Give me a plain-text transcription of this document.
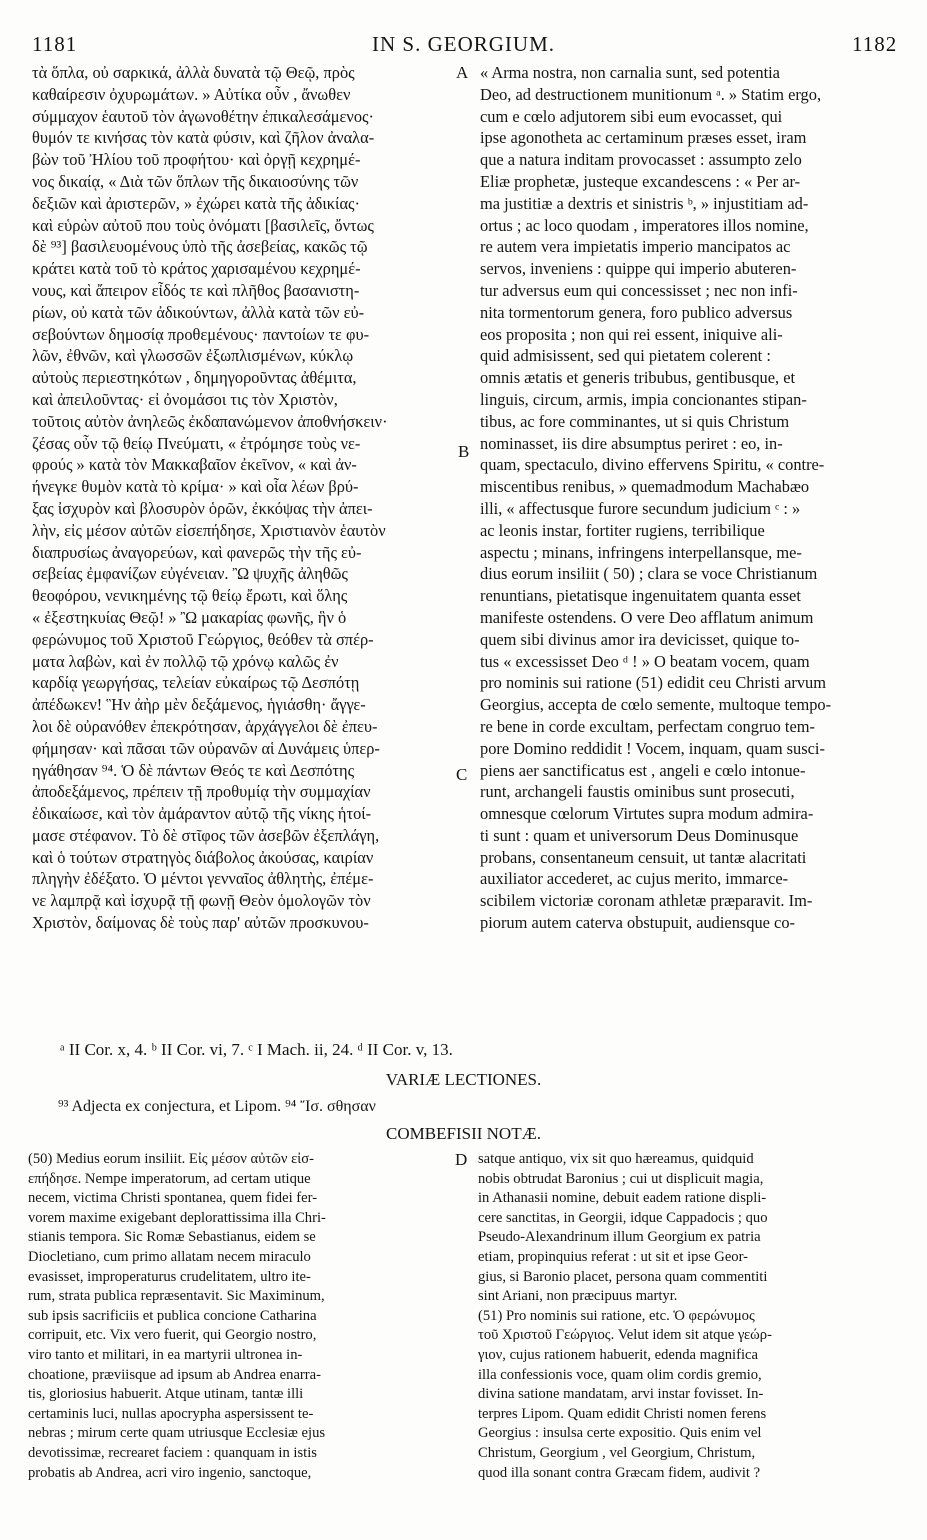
1181	IN S. GEORGIUM.	1182
τὰ ὅπλα, οὐ σαρκικά, ἀλλὰ δυνατὰ τῷ Θεῷ, πρὸς
καθαίρεσιν ὀχυρωμάτων. » Αὐτίκα οὖν , ἄνωθεν
σύμμαχον ἑαυτοῦ τὸν ἀγωνοθέτην ἐπικαλεσάμενος·
θυμόν τε κινήσας τὸν κατὰ φύσιν, καὶ ζῆλον ἀναλα-
βὼν τοῦ Ἠλίου τοῦ προφήτου· καὶ ὀργῇ κεχρημέ-
νος δικαίᾳ, « Διὰ τῶν ὅπλων τῆς δικαιοσύνης τῶν
δεξιῶν καὶ ἀριστερῶν, » ἐχώρει κατὰ τῆς ἀδικίας·
καὶ εὑρὼν αὐτοῦ που τοὺς ὀνόματι [βασιλεῖς, ὄντως
δὲ ⁹³] βασιλευομένους ὑπὸ τῆς ἀσεβείας, κακῶς τῷ
κράτει κατὰ τοῦ τὸ κράτος χαρισαμένου κεχρημέ-
νους, καὶ ἄπειρον εἶδός τε καὶ πλῆθος βασανιστη-
ρίων, οὐ κατὰ τῶν ἀδικούντων, ἀλλὰ κατὰ τῶν εὐ-
σεβούντων δημοσίᾳ προθεμένους· παντοίων τε φυ-
λῶν, ἐθνῶν, καὶ γλωσσῶν ἐξωπλισμένων, κύκλῳ
αὐτοὺς περιεστηκότων , δημηγοροῦντας ἀθέμιτα,
καὶ ἀπειλοῦντας· εἰ ὀνομάσοι τις τὸν Χριστὸν,
τοῦτοις αὐτὸν ἀνηλεῶς ἐκδαπανώμενον ἀποθνήσκειν·
ζέσας οὖν τῷ θείῳ Πνεύματι, « ἐτρόμησε τοὺς νε-
φρούς » κατὰ τὸν Μακκαβαῖον ἐκεῖνον, « καὶ ἀν-
ήνεγκε θυμὸν κατὰ τὸ κρίμα· » καὶ οἷα λέων βρύ-
ξας ἰσχυρὸν καὶ βλοσυρὸν ὁρῶν, ἐκκόψας τὴν ἀπει-
λὴν, εἰς μέσον αὐτῶν εἰσεπήδησε, Χριστιανὸν ἑαυτὸν
διαπρυσίως ἀναγορεύων, καὶ φανερῶς τὴν τῆς εὐ-
σεβείας ἐμφανίζων εὐγένειαν. Ὢ ψυχῆς ἀληθῶς
θεοφόρου, νενικημένης τῷ θείῳ ἔρωτι, καὶ ὅλης
« ἐξεστηκυίας Θεῷ! » Ὢ μακαρίας φωνῆς, ἣν ὁ
φερώνυμος τοῦ Χριστοῦ Γεώργιος, θεόθεν τὰ σπέρ-
ματα λαβὼν, καὶ ἐν πολλῷ τῷ χρόνῳ καλῶς ἐν
καρδίᾳ γεωργήσας, τελείαν εὐκαίρως τῷ Δεσπότῃ
ἀπέδωκεν! Ἣν ἀὴρ μὲν δεξάμενος, ἡγιάσθη· ἄγγε-
λοι δὲ οὐρανόθεν ἐπεκρότησαν, ἀρχάγγελοι δὲ ἐπευ-
φήμησαν· καὶ πᾶσαι τῶν οὐρανῶν αἱ Δυνάμεις ὑπερ-
ηγάθησαν ⁹⁴. Ὁ δὲ πάντων Θεός τε καὶ Δεσπότης
ἀποδεξάμενος, πρέπειν τῇ προθυμίᾳ τὴν συμμαχίαν
ἐδικαίωσε, καὶ τὸν ἀμάραντον αὐτῷ τῆς νίκης ἡτοί-
μασε στέφανον. Τὸ δὲ στῖφος τῶν ἀσεβῶν ἐξεπλάγη,
καὶ ὁ τούτων στρατηγὸς διάβολος ἀκούσας, καιρίαν
πληγὴν ἐδέξατο. Ὁ μέντοι γενναῖος ἀθλητὴς, ἐπέμε-
νε λαμπρᾷ καὶ ἰσχυρᾷ τῇ φωνῇ Θεὸν ὁμολογῶν τὸν
Χριστὸν, δαίμονας δὲ τοὺς παρ' αὐτῶν προσκυνου-
« Arma nostra, non carnalia sunt, sed potentia
Deo, ad destructionem munitionum ᵃ. » Statim ergo,
cum e cœlo adjutorem sibi eum evocasset, qui
ipse agonotheta ac certaminum præses esset, iram
que a natura inditam provocasset : assumpto zelo
Eliæ prophetæ, justeque excandescens : « Per ar-
ma justitiæ a dextris et sinistris ᵇ, » injustitiam ad-
ortus ; ac loco quodam , imperatores illos nomine,
re autem vera impietatis imperio mancipatos ac
servos, inveniens : quippe qui imperio abuteren-
tur adversus eum qui concessisset ; nec non infi-
nita tormentorum genera, foro publico adversus
eos proposita ; non qui rei essent, iniquive ali-
quid admisissent, sed qui pietatem colerent :
omnis ætatis et generis tribubus, gentibusque, et
linguis, circum, armis, impia concionantes stipan-
tibus, ac fore comminantes, ut si quis Christum
nominasset, iis dire absumptus periret : eo, in-
quam, spectaculo, divino effervens Spiritu, « contre-
miscentibus renibus, » quemadmodum Machabæo
illi, « affectusque furore secundum judicium ᶜ : »
ac leonis instar, fortiter rugiens, terribilique
aspectu ; minans, infringens interpellansque, me-
dius eorum insiliit ( 50) ; clara se voce Christianum
renuntians, pietatisque ingenuitatem quanta esset
manifeste ostendens. O vere Deo afflatum animum
quem sibi divinus amor ira devicisset, quique to-
tus « excessisset Deo ᵈ ! » O beatam vocem, quam
pro nominis sui ratione (51) edidit ceu Christi arvum
Georgius, accepta de cœlo semente, multoque tempo-
re bene in corde excultam, perfectam congruo tem-
pore Domino reddidit ! Vocem, inquam, quam susci-
piens aer sanctificatus est , angeli e cœlo intonue-
runt, archangeli faustis ominibus sunt prosecuti,
omnesque cœlorum Virtutes supra modum admira-
ti sunt : quam et universorum Deus Dominusque
probans, consentaneum censuit, ut tantæ alacritati
auxiliator accederet, ac cujus merito, immarce-
scibilem victoriæ coronam athletæ præparavit. Im-
piorum autem caterva obstupuit, audiensque co-
A
B
C
D
ᵃ II Cor. x, 4. ᵇ II Cor. vi, 7. ᶜ I Mach. ii, 24. ᵈ II Cor. v, 13.
VARIÆ LECTIONES.
⁹³ Adjecta ex conjectura, et Lipom. ⁹⁴ Ἴσ. σθησαν
COMBEFISII NOTÆ.
(50) Medius eorum insiliit. Εἰς μέσον αὐτῶν εἰσ-
επήδησε. Nempe imperatorum, ad certam utique
necem, victima Christi spontanea, quem fidei fer-
vorem maxime exigebant deplorattissima illa Chri-
stianis tempora. Sic Romæ Sebastianus, eidem se
Diocletiano, cum primo allatam necem miraculo
evasisset, improperaturus crudelitatem, ultro ite-
rum, strata publica repræsentavit. Sic Maximinum,
sub ipsis sacrificiis et publica concione Catharina
corripuit, etc. Vix vero fuerit, qui Georgio nostro,
viro tanto et militari, in ea martyrii ultronea in-
choatione, præviisque ad ipsum ab Andrea enarra-
tis, gloriosius habuerit. Atque utinam, tantæ illi
certaminis luci, nullas apocrypha aspersissent te-
nebras ; mirum certe quam utriusque Ecclesiæ ejus
devotissimæ, recrearet faciem : quanquam in istis
probatis ab Andrea, acri viro ingenio, sanctoque,
satque antiquo, vix sit quo hæreamus, quidquid
nobis obtrudat Baronius ; cui ut displicuit magia,
in Athanasii nomine, debuit eadem ratione displi-
cere sanctitas, in Georgii, idque Cappadocis ; quo
Pseudo-Alexandrinum illum Georgium ex patria
etiam, propinquius referat : ut sit et ipse Geor-
gius, si Baronio placet, persona quam commentiti
sint Ariani, non præcipuus martyr.
(51) Pro nominis sui ratione, etc. Ὁ φερώνυμος
τοῦ Χριστοῦ Γεώργιος. Velut idem sit atque γεώρ-
γιον, cujus rationem habuerit, edenda magnifica
illa confessionis voce, quam olim cordis gremio,
divina satione mandatam, arvi instar fovisset. In-
terpres Lipom. Quam edidit Christi nomen ferens
Georgius : insulsa certe expositio. Quis enim vel
Christum, Georgium , vel Georgium, Christum,
quod illa sonant contra Græcam fidem, audivit ?
